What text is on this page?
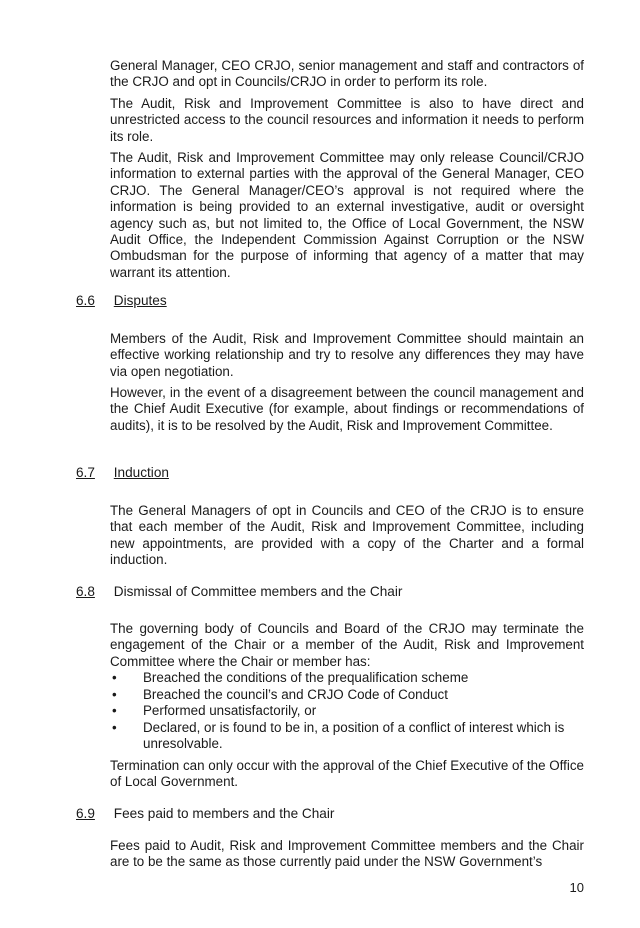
General Manager, CEO CRJO, senior management and staff and contractors of the CRJO and opt in Councils/CRJO in order to perform its role.

The Audit, Risk and Improvement Committee is also to have direct and unrestricted access to the council resources and information it needs to perform its role.

The Audit, Risk and Improvement Committee may only release Council/CRJO information to external parties with the approval of the General Manager, CEO CRJO. The General Manager/CEO’s approval is not required where the information is being provided to an external investigative, audit or oversight agency such as, but not limited to, the Office of Local Government, the NSW Audit Office, the Independent Commission Against Corruption or the NSW Ombudsman for the purpose of informing that agency of a matter that may warrant its attention.

6.6 Disputes

Members of the Audit, Risk and Improvement Committee should maintain an effective working relationship and try to resolve any differences they may have via open negotiation.

However, in the event of a disagreement between the council management and the Chief Audit Executive (for example, about findings or recommendations of audits), it is to be resolved by the Audit, Risk and Improvement Committee.

6.7 Induction

The General Managers of opt in Councils and CEO of the CRJO is to ensure that each member of the Audit, Risk and Improvement Committee, including new appointments, are provided with a copy of the Charter and a formal induction.

6.8 Dismissal of Committee members and the Chair

The governing body of Councils and Board of the CRJO may terminate the engagement of the Chair or a member of the Audit, Risk and Improvement Committee where the Chair or member has:

• Breached the conditions of the prequalification scheme
• Breached the council’s and CRJO Code of Conduct
• Performed unsatisfactorily, or
• Declared, or is found to be in, a position of a conflict of interest which is unresolvable.

Termination can only occur with the approval of the Chief Executive of the Office of Local Government.

6.9 Fees paid to members and the Chair

Fees paid to Audit, Risk and Improvement Committee members and the Chair are to be the same as those currently paid under the NSW Government’s

10
